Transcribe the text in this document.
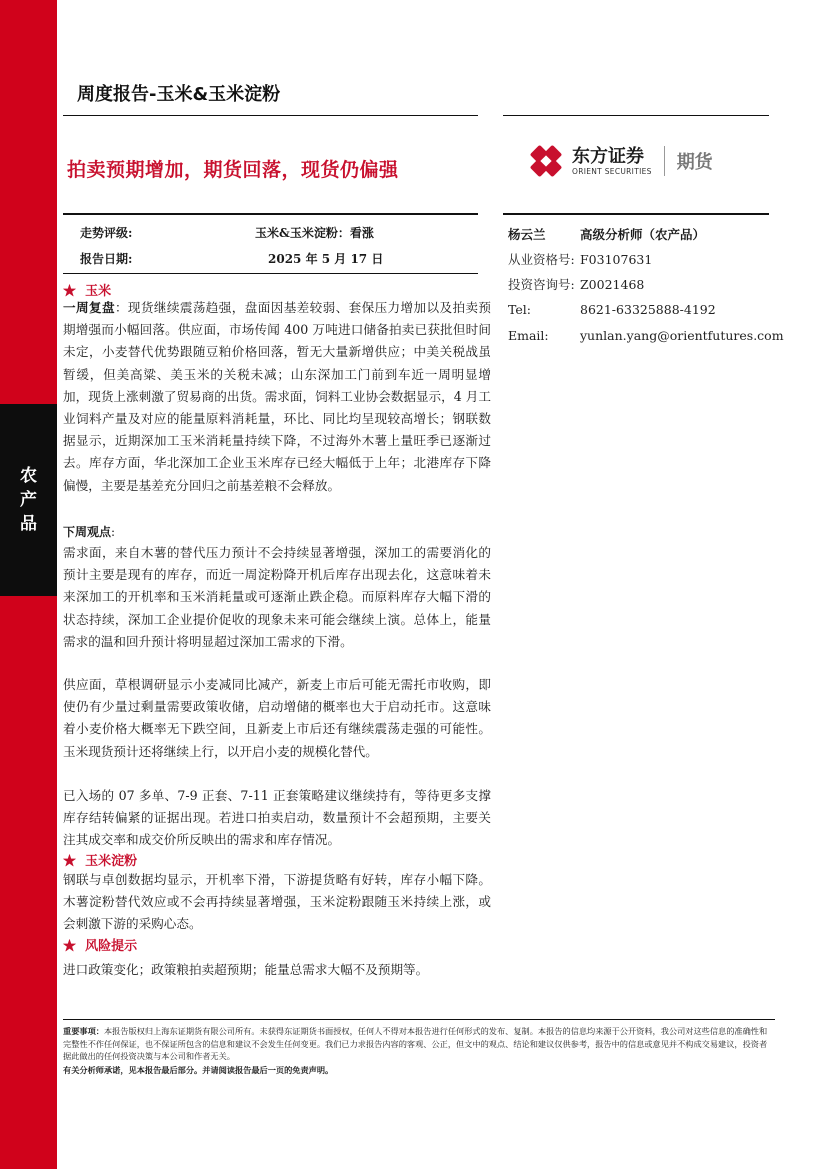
农产品
周度报告-玉米&玉米淀粉
拍卖预期增加，期货回落，现货仍偏强
东方证券
ORIENT SECURITIES 期货
走势评级:	玉米&玉米淀粉：看涨
报告日期:	2025 年 5 月 17 日
杨云兰	高级分析师（农产品）
从业资格号: F03107631
投资咨询号: Z0021468
Tel:	8621-63325888-4192
Email:	yunlan.yang@orientfutures.com
★ 玉米

一周复盘：现货继续震荡趋强，盘面因基差较弱、套保压力增加以及拍卖预期增强而小幅回落。供应面，市场传闻 400 万吨进口储备拍卖已获批但时间未定，小麦替代优势跟随豆粕价格回落，暂无大量新增供应；中美关税战虽暂缓，但美高粱、美玉米的关税未减；山东深加工门前到车近一周明显增加，现货上涨刺激了贸易商的出货。需求面，饲料工业协会数据显示，4 月工业饲料产量及对应的能量原料消耗量，环比、同比均呈现较高增长；钢联数据显示，近期深加工玉米消耗量持续下降，不过海外木薯上量旺季已逐渐过去。库存方面，华北深加工企业玉米库存已经大幅低于上年；北港库存下降偏慢，主要是基差充分回归之前基差粮不会释放。

下周观点:

需求面，来自木薯的替代压力预计不会持续显著增强，深加工的需要消化的预计主要是现有的库存，而近一周淀粉降开机后库存出现去化，这意味着未来深加工的开机率和玉米消耗量或可逐渐止跌企稳。而原料库存大幅下滑的状态持续，深加工企业提价促收的现象未来可能会继续上演。总体上，能量需求的温和回升预计将明显超过深加工需求的下滑。

供应面，草根调研显示小麦减同比减产，新麦上市后可能无需托市收购，即使仍有少量过剩量需要政策收储，启动增储的概率也大于启动托市。这意味着小麦价格大概率无下跌空间，且新麦上市后还有继续震荡走强的可能性。玉米现货预计还将继续上行，以开启小麦的规模化替代。

已入场的 07 多单、7-9 正套、7-11 正套策略建议继续持有，等待更多支撑库存结转偏紧的证据出现。若进口拍卖启动，数量预计不会超预期，主要关注其成交率和成交价所反映出的需求和库存情况。

★ 玉米淀粉

钢联与卓创数据均显示，开机率下滑，下游提货略有好转，库存小幅下降。木薯淀粉替代效应或不会再持续显著增强，玉米淀粉跟随玉米持续上涨，或会刺激下游的采购心态。

★ 风险提示

进口政策变化；政策粮拍卖超预期；能量总需求大幅不及预期等。

重要事项：本报告版权归上海东证期货有限公司所有。未获得东证期货书面授权，任何人不得对本报告进行任何形式的发布、复制。本报告的信息均来源于公开资料，我公司对这些信息的准确性和完整性不作任何保证，也不保证所包含的信息和建议不会发生任何变更。我们已力求报告内容的客观、公正，但文中的观点、结论和建议仅供参考，报告中的信息或意见并不构成交易建议，投资者据此做出的任何投资决策与本公司和作者无关。
有关分析师承诺，见本报告最后部分。并请阅读报告最后一页的免责声明。
